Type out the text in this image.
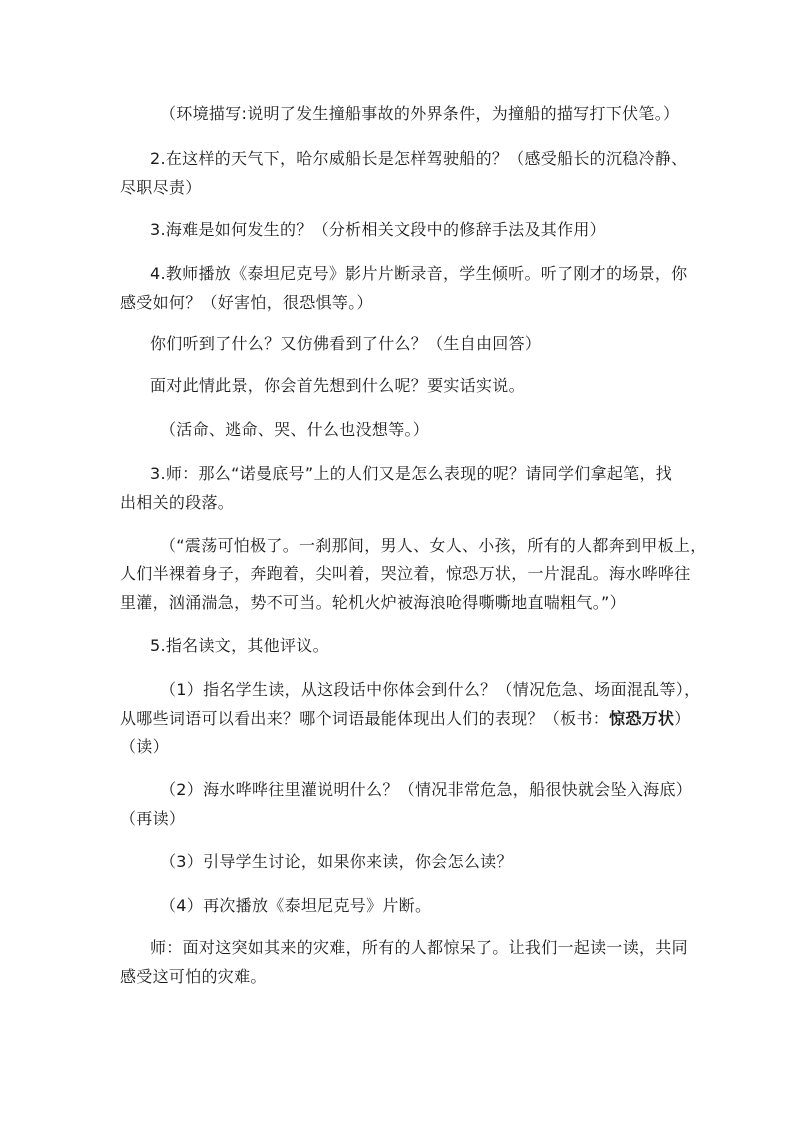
（环境描写:说明了发生撞船事故的外界条件，为撞船的描写打下伏笔。）
2.在这样的天气下，哈尔威船长是怎样驾驶船的？（感受船长的沉稳冷静、
尽职尽责）
3.海难是如何发生的？（分析相关文段中的修辞手法及其作用）
4.教师播放《泰坦尼克号》影片片断录音，学生倾听。听了刚才的场景，你
感受如何？（好害怕，很恐惧等。）
你们听到了什么？又仿佛看到了什么？（生自由回答）
面对此情此景，你会首先想到什么呢？要实话实说。
（活命、逃命、哭、什么也没想等。）
3.师：那么“诺曼底号”上的人们又是怎么表现的呢？请同学们拿起笔，找
出相关的段落。
（“震荡可怕极了。一刹那间，男人、女人、小孩，所有的人都奔到甲板上，
人们半裸着身子，奔跑着，尖叫着，哭泣着，惊恐万状，一片混乱。海水哗哗往
里灌，汹涌湍急，势不可当。轮机火炉被海浪呛得嘶嘶地直喘粗气。”）
5.指名读文，其他评议。
（1）指名学生读，从这段话中你体会到什么？（情况危急、场面混乱等），
从哪些词语可以看出来？哪个词语最能体现出人们的表现？（板书：惊恐万状）
（读）
（2）海水哗哗往里灌说明什么？（情况非常危急，船很快就会坠入海底）
（再读）
（3）引导学生讨论，如果你来读，你会怎么读？
（4）再次播放《泰坦尼克号》片断。
师：面对这突如其来的灾难，所有的人都惊呆了。让我们一起读一读，共同
感受这可怕的灾难。
